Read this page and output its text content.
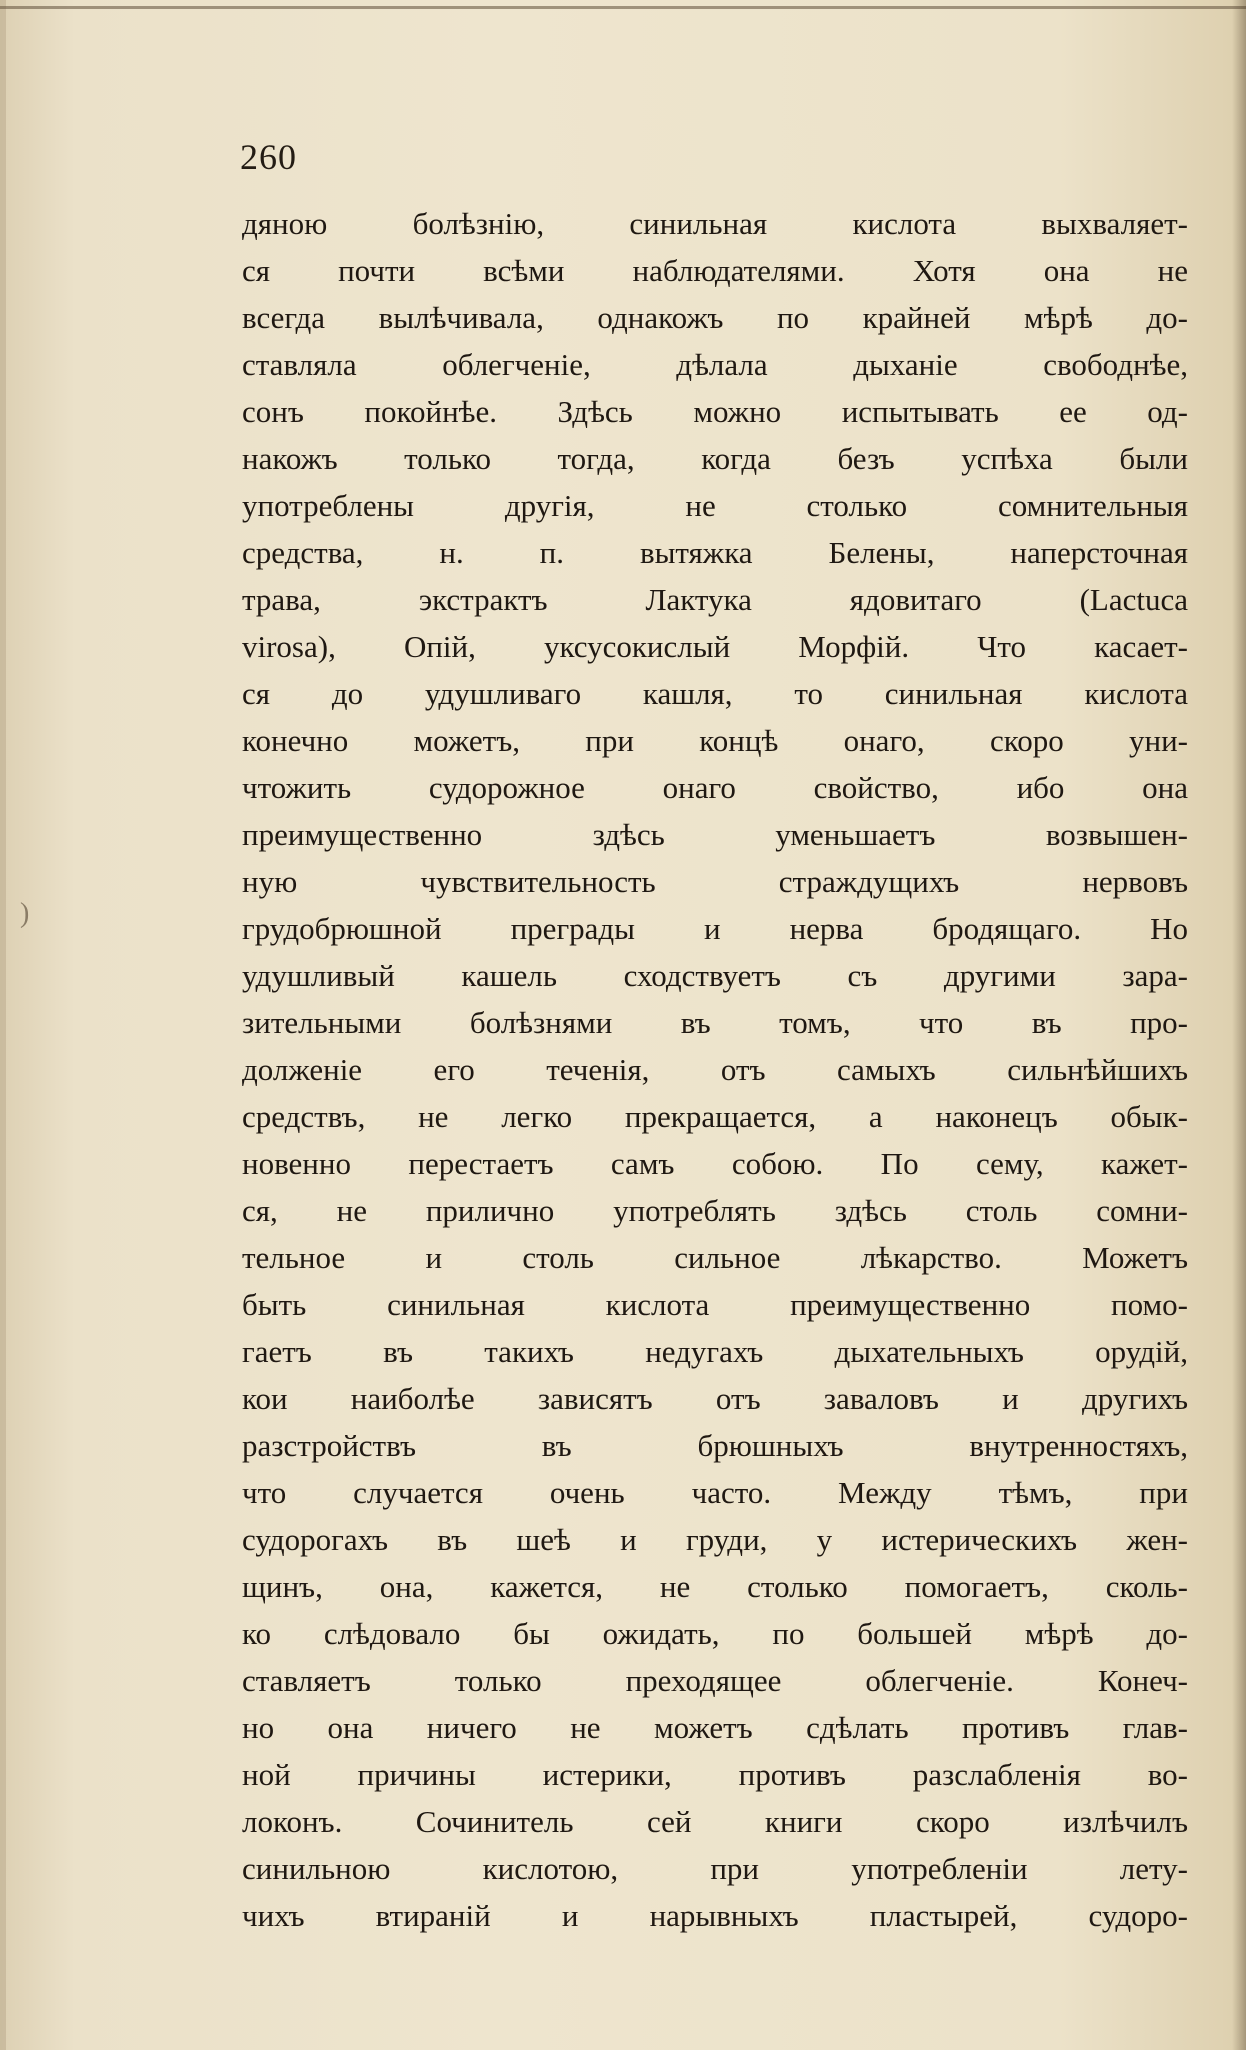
260
)
дяною болѣзнію, синильная кислота выхваляет-
ся почти всѣми наблюдателями. Хотя она не
всегда вылѣчивала, однакожъ по крайней мѣрѣ до-
ставляла облегченіе, дѣлала дыханіе свободнѣе,
сонъ покойнѣе. Здѣсь можно испытывать ее од-
накожъ только тогда, когда безъ успѣха были
употреблены другія, не столько сомнительныя
средства, н. п. вытяжка Белены, наперсточная
трава, экстрактъ Лактука ядовитаго (Lactuca
virosa), Опій, уксусокислый Морфій. Что касает-
ся до удушливаго кашля, то синильная кислота
конечно можетъ, при концѣ онаго, скоро уни-
чтожить судорожное онаго свойство, ибо она
преимущественно здѣсь уменьшаетъ возвышен-
ную чувствительность страждущихъ нервовъ
грудобрюшной преграды и нерва бродящаго. Но
удушливый кашель сходствуетъ съ другими зара-
зительными болѣзнями въ томъ, что въ про-
долженіе его теченія, отъ самыхъ сильнѣйшихъ
средствъ, не легко прекращается, а наконецъ обык-
новенно перестаетъ самъ собою. По сему, кажет-
ся, не прилично употреблять здѣсь столь сомни-
тельное и столь сильное лѣкарство. Можетъ
быть синильная кислота преимущественно помо-
гаетъ въ такихъ недугахъ дыхательныхъ орудій,
кои наиболѣе зависятъ отъ заваловъ и другихъ
разстройствъ въ брюшныхъ внутренностяхъ,
что случается очень часто. Между тѣмъ, при
судорогахъ въ шеѣ и груди, у истерическихъ жен-
щинъ, она, кажется, не столько помогаетъ, сколь-
ко слѣдовало бы ожидать, по большей мѣрѣ до-
ставляетъ только преходящее облегченіе. Конеч-
но она ничего не можетъ сдѣлать противъ глав-
ной причины истерики, противъ разслабленія во-
локонъ. Сочинитель сей книги скоро излѣчилъ
синильною кислотою, при употребленіи лету-
чихъ втираній и нарывныхъ пластырей, судоро-
